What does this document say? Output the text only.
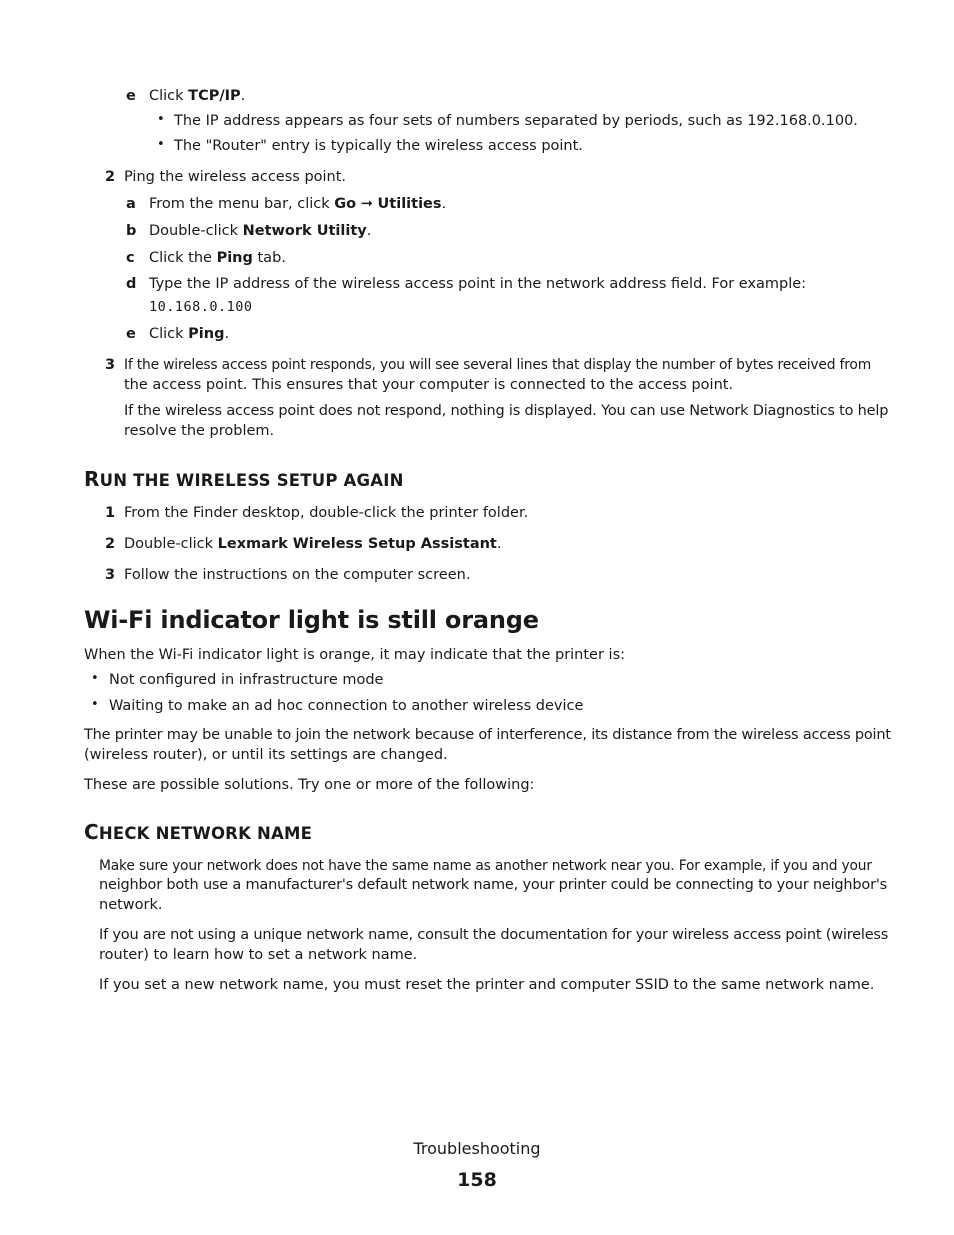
e Click TCP/IP.
• The IP address appears as four sets of numbers separated by periods, such as 192.168.0.100.
• The "Router" entry is typically the wireless access point.
2 Ping the wireless access point.
a From the menu bar, click Go ➞ Utilities.
b Double-click Network Utility.
c Click the Ping tab.
d Type the IP address of the wireless access point in the network address field. For example:
10.168.0.100
e Click Ping.
3 If the wireless access point responds, you will see several lines that display the number of bytes received from
the access point. This ensures that your computer is connected to the access point.
If the wireless access point does not respond, nothing is displayed. You can use Network Diagnostics to help
resolve the problem.
RUN THE WIRELESS SETUP AGAIN
1 From the Finder desktop, double-click the printer folder.
2 Double-click Lexmark Wireless Setup Assistant.
3 Follow the instructions on the computer screen.
Wi-Fi indicator light is still orange
When the Wi-Fi indicator light is orange, it may indicate that the printer is:
• Not configured in infrastructure mode
• Waiting to make an ad hoc connection to another wireless device
The printer may be unable to join the network because of interference, its distance from the wireless access point
(wireless router), or until its settings are changed.
These are possible solutions. Try one or more of the following:
CHECK NETWORK NAME
Make sure your network does not have the same name as another network near you. For example, if you and your
neighbor both use a manufacturer's default network name, your printer could be connecting to your neighbor's
network.
If you are not using a unique network name, consult the documentation for your wireless access point (wireless
router) to learn how to set a network name.
If you set a new network name, you must reset the printer and computer SSID to the same network name.
Troubleshooting
158
